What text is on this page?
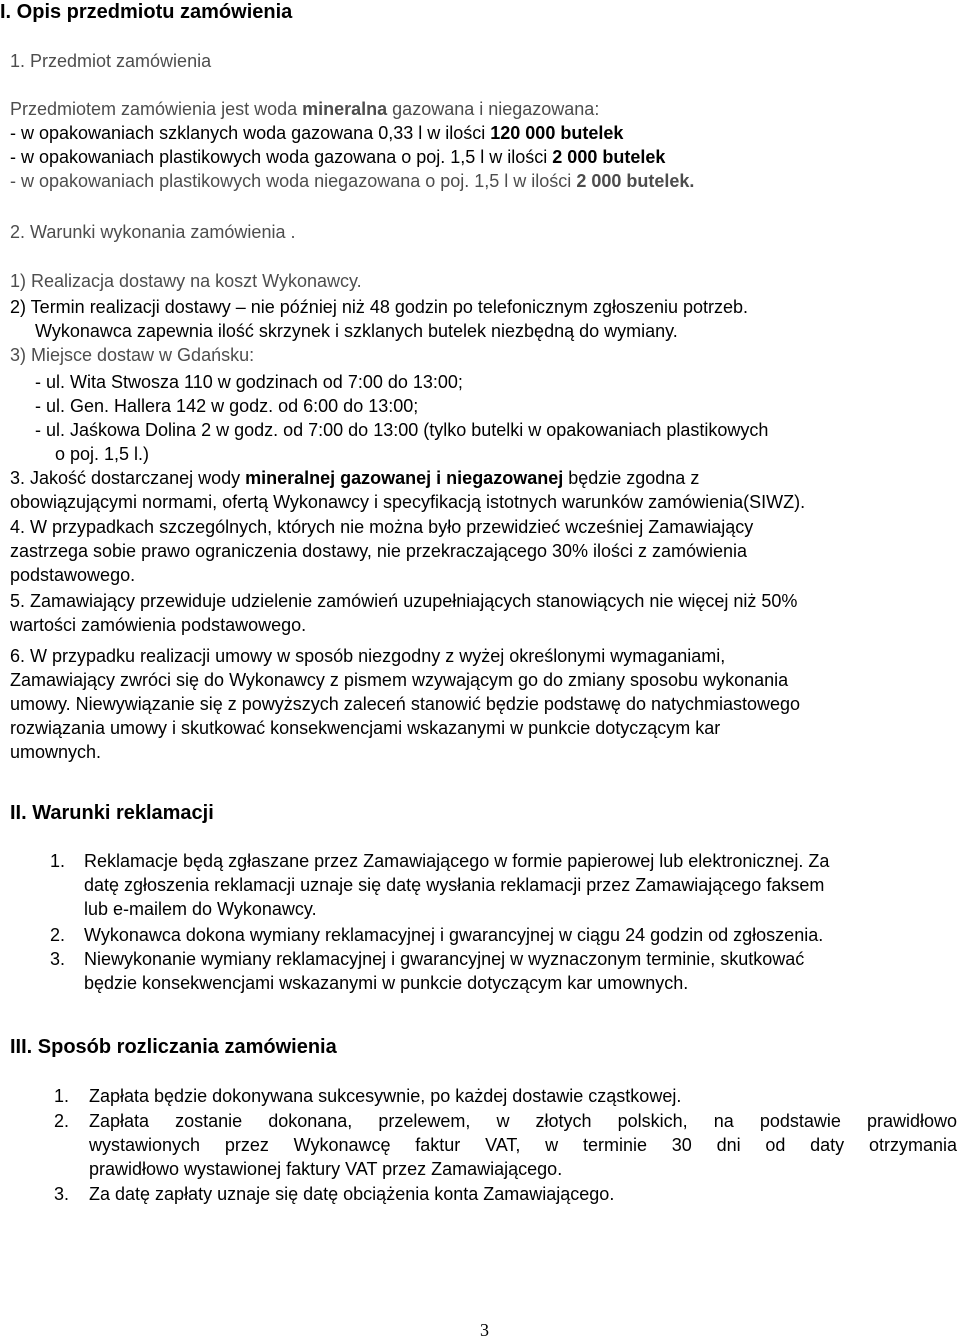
I. Opis przedmiotu zamówienia
1. Przedmiot zamówienia
Przedmiotem zamówienia jest woda mineralna gazowana i niegazowana:
- w opakowaniach szklanych woda gazowana 0,33 l w ilości 120 000 butelek
- w opakowaniach plastikowych woda gazowana o poj. 1,5 l w ilości 2 000 butelek
- w opakowaniach plastikowych woda niegazowana o poj. 1,5 l w ilości 2 000 butelek.
2. Warunki wykonania zamówienia .
1) Realizacja dostawy na koszt Wykonawcy.
2) Termin realizacji dostawy – nie później niż 48 godzin po telefonicznym zgłoszeniu potrzeb.
Wykonawca zapewnia ilość skrzynek i szklanych butelek niezbędną do wymiany.
3) Miejsce dostaw w Gdańsku:
- ul. Wita Stwosza 110 w godzinach od 7:00 do 13:00;
- ul. Gen. Hallera 142 w godz. od 6:00 do 13:00;
- ul. Jaśkowa Dolina 2 w godz. od 7:00 do 13:00 (tylko butelki w opakowaniach plastikowych
o poj. 1,5 l.)
3. Jakość dostarczanej wody mineralnej gazowanej i niegazowanej będzie zgodna z
obowiązującymi normami, ofertą Wykonawcy i specyfikacją istotnych warunków zamówienia(SIWZ).
4. W przypadkach szczególnych, których nie można było przewidzieć wcześniej Zamawiający
zastrzega sobie prawo ograniczenia dostawy, nie przekraczającego 30% ilości z zamówienia
podstawowego.
5. Zamawiający przewiduje udzielenie zamówień uzupełniających stanowiących nie więcej niż 50%
wartości zamówienia podstawowego.
6. W przypadku realizacji umowy w sposób niezgodny z wyżej określonymi wymaganiami,
Zamawiający zwróci się do Wykonawcy z pismem wzywającym go do zmiany sposobu wykonania
umowy. Niewywiązanie się z powyższych zaleceń stanowić będzie podstawę do natychmiastowego
rozwiązania umowy i skutkować konsekwencjami wskazanymi w punkcie dotyczącym kar
umownych.
II. Warunki reklamacji
1. Reklamacje będą zgłaszane przez Zamawiającego w formie papierowej lub elektronicznej. Za
datę zgłoszenia reklamacji uznaje się datę wysłania reklamacji przez Zamawiającego faksem
lub e-mailem do Wykonawcy.
2. Wykonawca dokona wymiany reklamacyjnej i gwarancyjnej w ciągu 24 godzin od zgłoszenia.
3. Niewykonanie wymiany reklamacyjnej i gwarancyjnej w wyznaczonym terminie, skutkować
będzie konsekwencjami wskazanymi w punkcie dotyczącym kar umownych.
III. Sposób rozliczania zamówienia
1. Zapłata będzie dokonywana sukcesywnie, po każdej dostawie cząstkowej.
2. Zapłata zostanie dokonana, przelewem, w złotych polskich, na podstawie prawidłowo
wystawionych przez Wykonawcę faktur VAT, w terminie 30 dni od daty otrzymania
prawidłowo wystawionej faktury VAT przez Zamawiającego.
3. Za datę zapłaty uznaje się datę obciążenia konta Zamawiającego.
3
